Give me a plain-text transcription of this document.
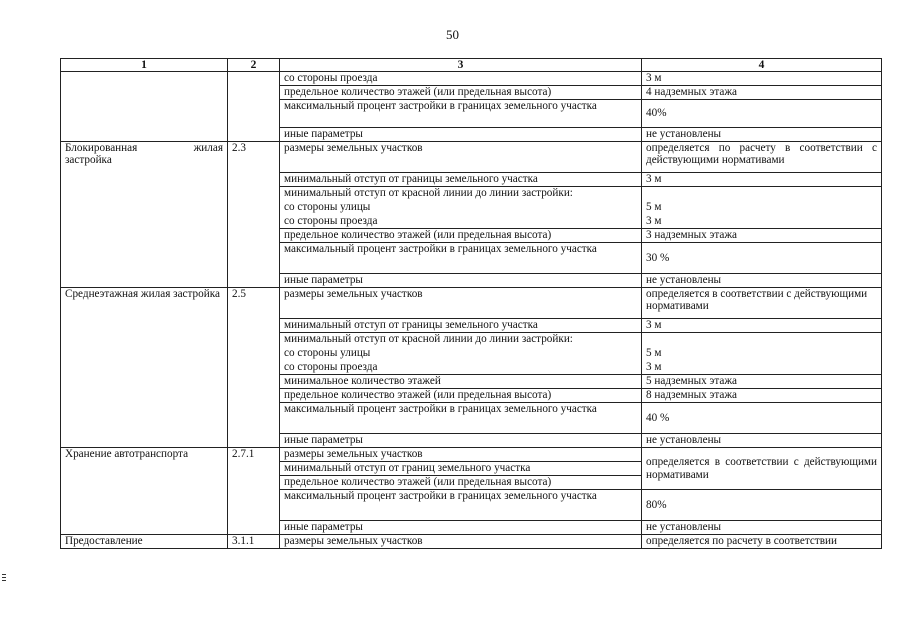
50
1	2	3	4
		со стороны проезда	3 м
		предельное количество этажей (или предельная высота)	4 надземных этажа
		максимальный процент застройки в границах земельного участка	40%
		иные параметры	не установлены

Блокированная жилая
застройка	2.3	размеры земельных участков	определяется по расчету в соответствии с действующими нормативами
		минимальный отступ от границы земельного участка	3 м
		минимальный отступ от красной линии до линии застройки:	
		со стороны улицы	5 м
		со стороны проезда	3 м
		предельное количество этажей (или предельная высота)	3 надземных этажа
		максимальный процент застройки в границах земельного участка	30 %
		иные параметры	не установлены
Среднеэтажная жилая застройка	2.5	размеры земельных участков	определяется в соответствии с действующими нормативами
		минимальный отступ от границы земельного участка	3 м
		минимальный отступ от красной линии до линии застройки:	
		со стороны улицы	5 м
		со стороны проезда	3 м
		минимальное количество этажей	5 надземных этажа
		предельное количество этажей (или предельная высота)	8 надземных этажа
		максимальный процент застройки в границах земельного участка	40 %
		иные параметры	не установлены
Хранение автотранспорта	2.7.1	размеры земельных участков	определяется в соответствии с действующими нормативами
		минимальный отступ от границ земельного участка	
		предельное количество этажей (или предельная высота)	
		максимальный процент застройки в границах земельного участка	80%
		иные параметры	не установлены
Предоставление	3.1.1	размеры земельных участков	определяется по расчету в соответствии
